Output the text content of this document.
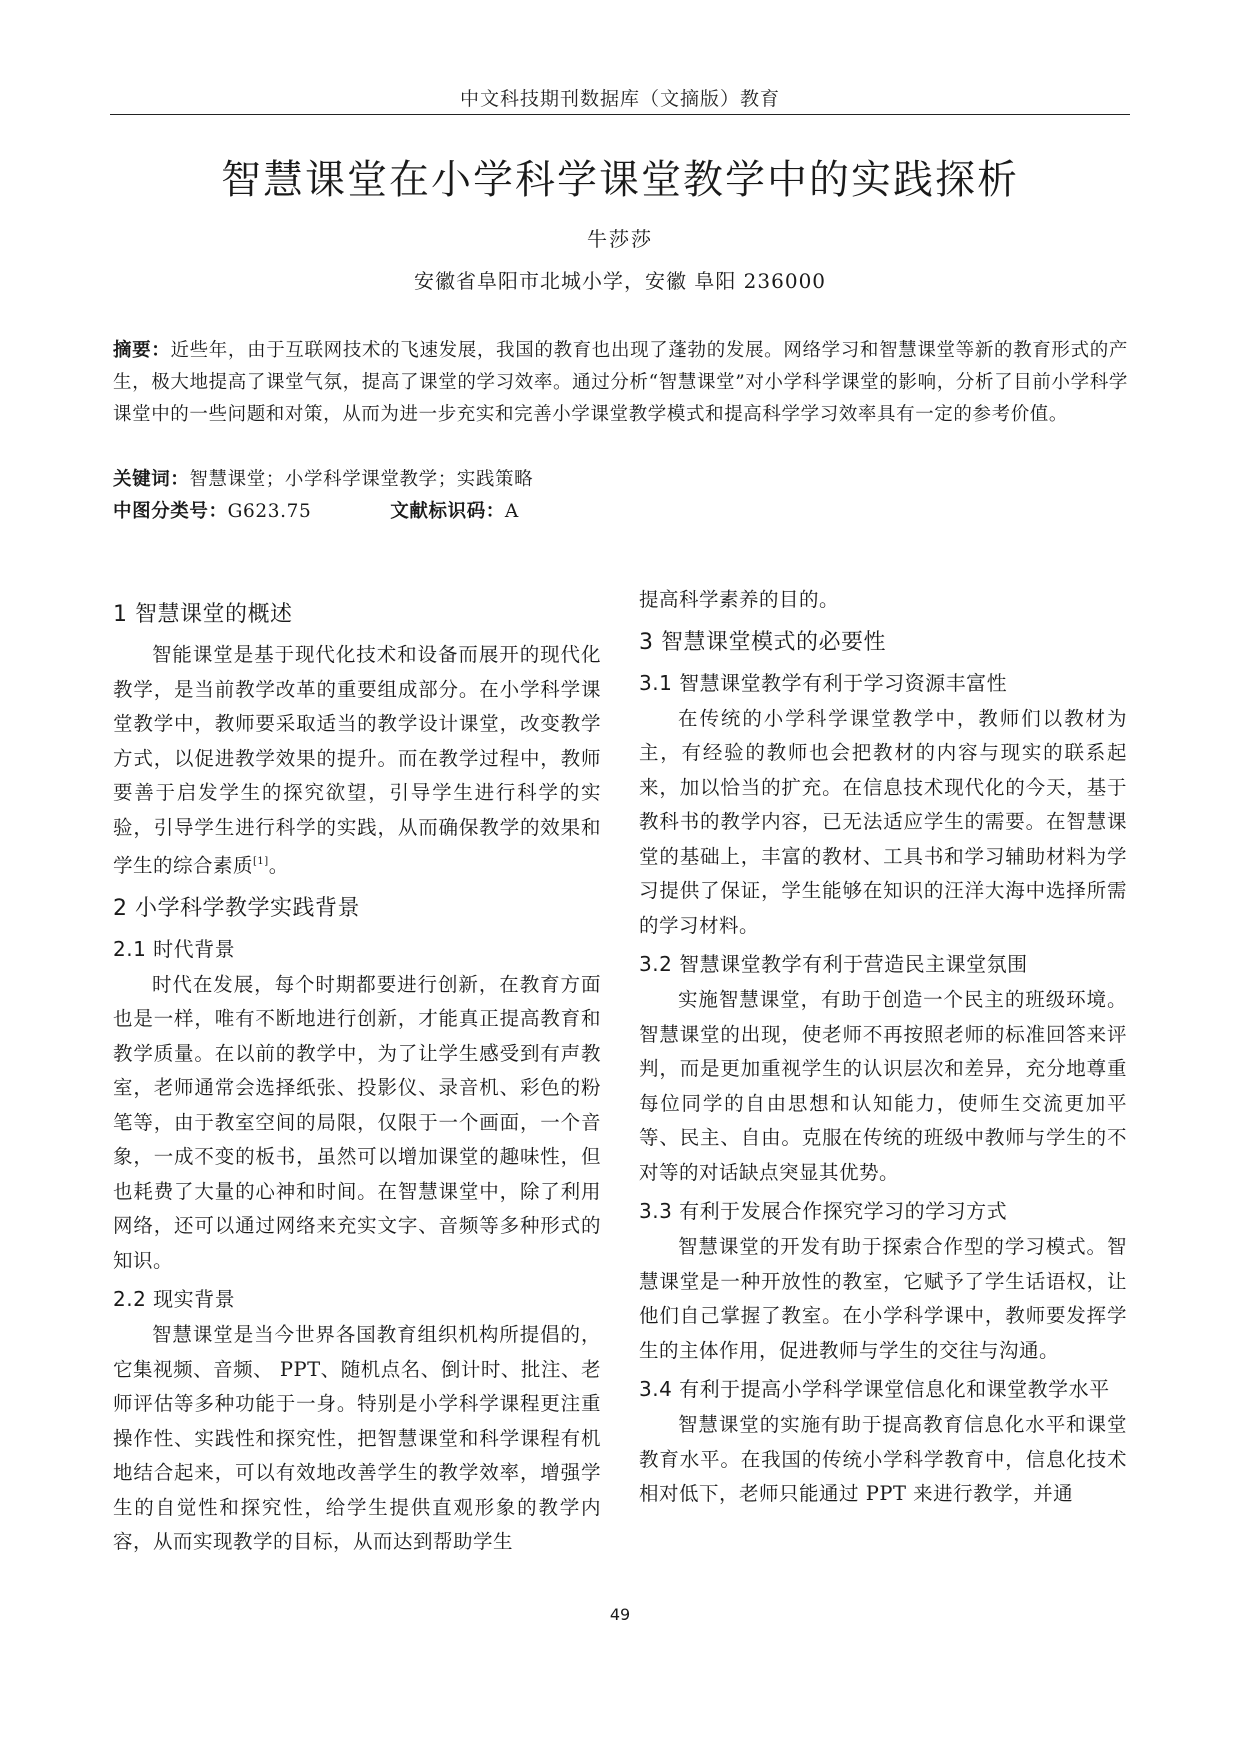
中文科技期刊数据库（文摘版）教育
智慧课堂在小学科学课堂教学中的实践探析
牛莎莎
安徽省阜阳市北城小学，安徽 阜阳 236000
摘要：近些年，由于互联网技术的飞速发展，我国的教育也出现了蓬勃的发展。网络学习和智慧课堂等新的教育形式的产生，极大地提高了课堂气氛，提高了课堂的学习效率。通过分析“智慧课堂”对小学科学课堂的影响，分析了目前小学科学课堂中的一些问题和对策，从而为进一步充实和完善小学课堂教学模式和提高科学学习效率具有一定的参考价值。
关键词：智慧课堂；小学科学课堂教学；实践策略
中图分类号：G623.75	文献标识码：A
1 智慧课堂的概述

智能课堂是基于现代化技术和设备而展开的现代化教学，是当前教学改革的重要组成部分。在小学科学课堂教学中，教师要采取适当的教学设计课堂，改变教学方式，以促进教学效果的提升。而在教学过程中，教师要善于启发学生的探究欲望，引导学生进行科学的实验，引导学生进行科学的实践，从而确保教学的效果和学生的综合素质[1]。

2 小学科学教学实践背景
2.1 时代背景

时代在发展，每个时期都要进行创新，在教育方面也是一样，唯有不断地进行创新，才能真正提高教育和教学质量。在以前的教学中，为了让学生感受到有声教室，老师通常会选择纸张、投影仪、录音机、彩色的粉笔等，由于教室空间的局限，仅限于一个画面，一个音象，一成不变的板书，虽然可以增加课堂的趣味性，但也耗费了大量的心神和时间。在智慧课堂中，除了利用网络，还可以通过网络来充实文字、音频等多种形式的知识。

2.2 现实背景

智慧课堂是当今世界各国教育组织机构所提倡的，它集视频、音频、 PPT、随机点名、倒计时、批注、老师评估等多种功能于一身。特别是小学科学课程更注重操作性、实践性和探究性，把智慧课堂和科学课程有机地结合起来，可以有效地改善学生的教学效率，增强学生的自觉性和探究性，给学生提供直观形象的教学内容，从而实现教学的目标，从而达到帮助学生

提高科学素养的目的。

3 智慧课堂模式的必要性
3.1 智慧课堂教学有利于学习资源丰富性

在传统的小学科学课堂教学中，教师们以教材为主，有经验的教师也会把教材的内容与现实的联系起来，加以恰当的扩充。在信息技术现代化的今天，基于教科书的教学内容，已无法适应学生的需要。在智慧课堂的基础上，丰富的教材、工具书和学习辅助材料为学习提供了保证，学生能够在知识的汪洋大海中选择所需的学习材料。

3.2 智慧课堂教学有利于营造民主课堂氛围

实施智慧课堂，有助于创造一个民主的班级环境。智慧课堂的出现，使老师不再按照老师的标准回答来评判，而是更加重视学生的认识层次和差异，充分地尊重每位同学的自由思想和认知能力，使师生交流更加平等、民主、自由。克服在传统的班级中教师与学生的不对等的对话缺点突显其优势。

3.3 有利于发展合作探究学习的学习方式

智慧课堂的开发有助于探索合作型的学习模式。智慧课堂是一种开放性的教室，它赋予了学生话语权，让他们自己掌握了教室。在小学科学课中，教师要发挥学生的主体作用，促进教师与学生的交往与沟通。

3.4 有利于提高小学科学课堂信息化和课堂教学水平

智慧课堂的实施有助于提高教育信息化水平和课堂教育水平。在我国的传统小学科学教育中，信息化技术相对低下，老师只能通过 PPT 来进行教学，并通

49
